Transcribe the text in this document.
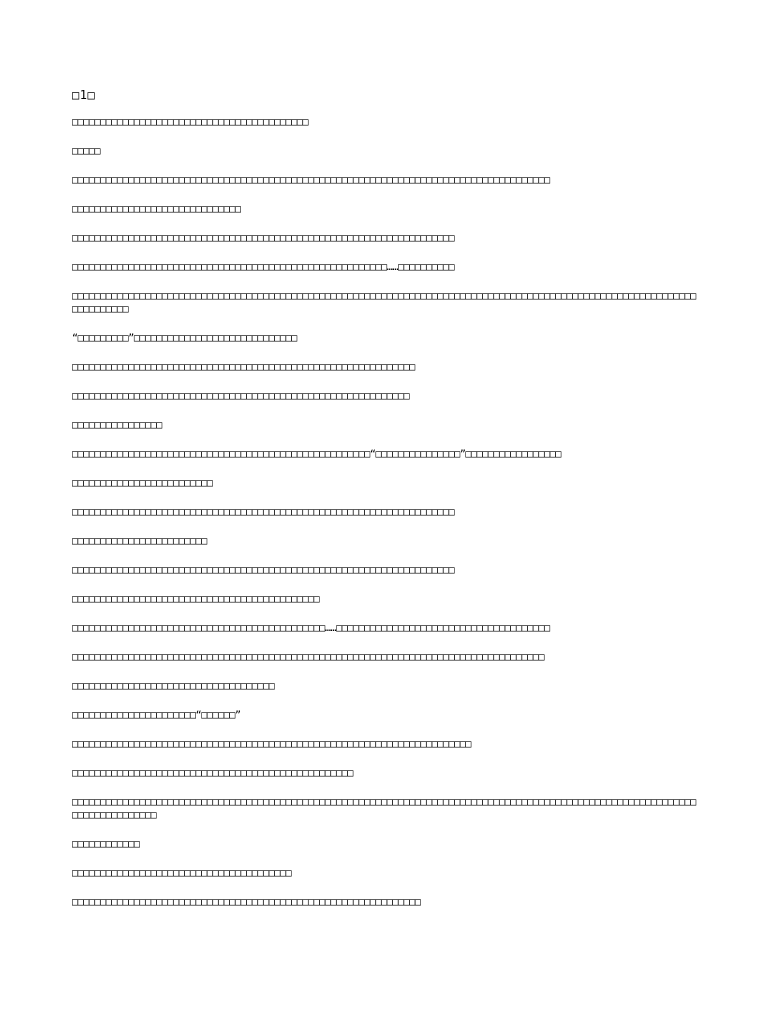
□1□

□□□□□□□□□□□□□□□□□□□□□□□□□□□□□□□□□□□□□□□□□□

□□□□□

□□□□□□□□□□□□□□□□□□□□□□□□□□□□□□□□□□□□□□□□□□□□□□□□□□□□□□□□□□□□□□□□□□□□□□□□□□□□□□□□□□□□□

□□□□□□□□□□□□□□□□□□□□□□□□□□□□□□

□□□□□□□□□□□□□□□□□□□□□□□□□□□□□□□□□□□□□□□□□□□□□□□□□□□□□□□□□□□□□□□□□□□□

□□□□□□□□□□□□□□□□□□□□□□□□□□□□□□□□□□□□□□□□□□□□□□□□□□□□□□□□……□□□□□□□□□□

□□□□□□□□□□□□□□□□□□□□□□□□□□□□□□□□□□□□□□□□□□□□□□□□□□□□□□□□□□□□□□□□□□□□□□□□□□□□□□□□□□□□□□□□□□□□□□□□□□□□□□□□□□□□□□□□□□□□□□□□□

“□□□□□□□□□”□□□□□□□□□□□□□□□□□□□□□□□□□□□□□

□□□□□□□□□□□□□□□□□□□□□□□□□□□□□□□□□□□□□□□□□□□□□□□□□□□□□□□□□□□□□

□□□□□□□□□□□□□□□□□□□□□□□□□□□□□□□□□□□□□□□□□□□□□□□□□□□□□□□□□□□□

□□□□□□□□□□□□□□□□

□□□□□□□□□□□□□□□□□□□□□□□□□□□□□□□□□□□□□□□□□□□□□□□□□□□□□“□□□□□□□□□□□□□□□”□□□□□□□□□□□□□□□□□

□□□□□□□□□□□□□□□□□□□□□□□□□

□□□□□□□□□□□□□□□□□□□□□□□□□□□□□□□□□□□□□□□□□□□□□□□□□□□□□□□□□□□□□□□□□□□□

□□□□□□□□□□□□□□□□□□□□□□□□

□□□□□□□□□□□□□□□□□□□□□□□□□□□□□□□□□□□□□□□□□□□□□□□□□□□□□□□□□□□□□□□□□□□□

□□□□□□□□□□□□□□□□□□□□□□□□□□□□□□□□□□□□□□□□□□□□

□□□□□□□□□□□□□□□□□□□□□□□□□□□□□□□□□□□□□□□□□□□□□……□□□□□□□□□□□□□□□□□□□□□□□□□□□□□□□□□□□□□□

□□□□□□□□□□□□□□□□□□□□□□□□□□□□□□□□□□□□□□□□□□□□□□□□□□□□□□□□□□□□□□□□□□□□□□□□□□□□□□□□□□□□

□□□□□□□□□□□□□□□□□□□□□□□□□□□□□□□□□□□□

□□□□□□□□□□□□□□□□□□□□□□“□□□□□□”

□□□□□□□□□□□□□□□□□□□□□□□□□□□□□□□□□□□□□□□□□□□□□□□□□□□□□□□□□□□□□□□□□□□□□□□

□□□□□□□□□□□□□□□□□□□□□□□□□□□□□□□□□□□□□□□□□□□□□□□□□□

□□□□□□□□□□□□□□□□□□□□□□□□□□□□□□□□□□□□□□□□□□□□□□□□□□□□□□□□□□□□□□□□□□□□□□□□□□□□□□□□□□□□□□□□□□□□□□□□□□□□□□□□□□□□□□□□□□□□□□□□□□□□□□

□□□□□□□□□□□□

□□□□□□□□□□□□□□□□□□□□□□□□□□□□□□□□□□□□□□□

□□□□□□□□□□□□□□□□□□□□□□□□□□□□□□□□□□□□□□□□□□□□□□□□□□□□□□□□□□□□□□
